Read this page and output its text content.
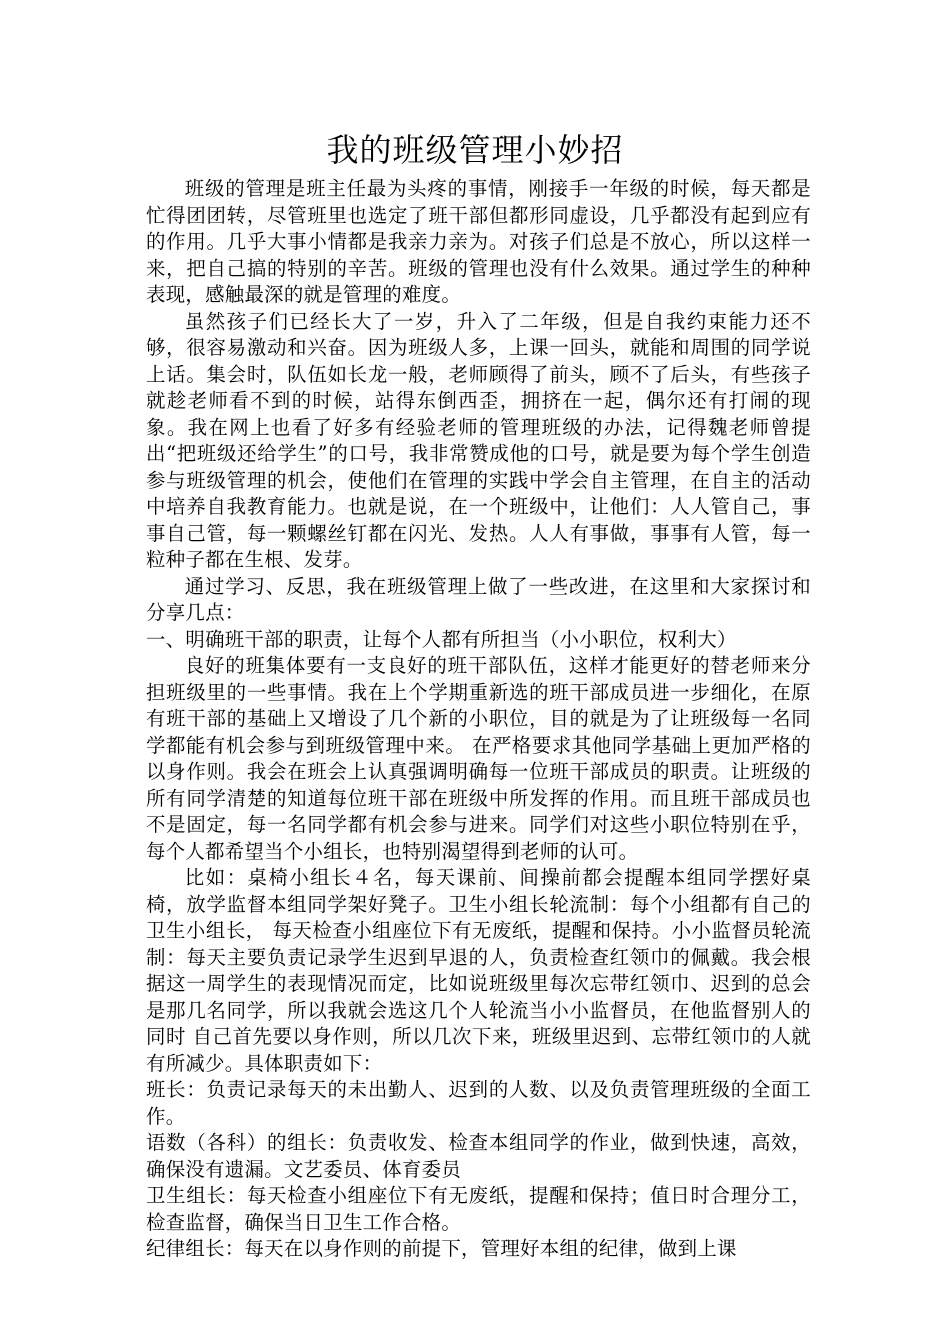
我的班级管理小妙招

班级的管理是班主任最为头疼的事情，刚接手一年级的时候，每天都是忙得团团转，尽管班里也选定了班干部但都形同虚设，几乎都没有起到应有的作用。几乎大事小情都是我亲力亲为。对孩子们总是不放心，所以这样一来，把自己搞的特别的辛苦。班级的管理也没有什么效果。通过学生的种种表现，感触最深的就是管理的难度。

虽然孩子们已经长大了一岁，升入了二年级，但是自我约束能力还不够，很容易激动和兴奋。因为班级人多，上课一回头，就能和周围的同学说上话。集会时，队伍如长龙一般，老师顾得了前头，顾不了后头，有些孩子就趁老师看不到的时候，站得东倒西歪，拥挤在一起，偶尔还有打闹的现象。我在网上也看了好多有经验老师的管理班级的办法，记得魏老师曾提出“把班级还给学生”的口号，我非常赞成他的口号，就是要为每个学生创造参与班级管理的机会，使他们在管理的实践中学会自主管理，在自主的活动中培养自我教育能力。也就是说，在一个班级中，让他们：人人管自己，事事自己管，每一颗螺丝钉都在闪光、发热。人人有事做，事事有人管，每一粒种子都在生根、发芽。

通过学习、反思，我在班级管理上做了一些改进，在这里和大家探讨和分享几点：

一、明确班干部的职责，让每个人都有所担当（小小职位，权利大）

良好的班集体要有一支良好的班干部队伍，这样才能更好的替老师来分担班级里的一些事情。我在上个学期重新选的班干部成员进一步细化，在原有班干部的基础上又增设了几个新的小职位，目的就是为了让班级每一名同学都能有机会参与到班级管理中来。 在严格要求其他同学基础上更加严格的以身作则。我会在班会上认真强调明确每一位班干部成员的职责。让班级的所有同学清楚的知道每位班干部在班级中所发挥的作用。而且班干部成员也不是固定，每一名同学都有机会参与进来。同学们对这些小职位特别在乎，每个人都希望当个小组长，也特别渴望得到老师的认可。

比如：桌椅小组长４名，每天课前、间操前都会提醒本组同学摆好桌椅，放学监督本组同学架好凳子。卫生小组长轮流制：每个小组都有自己的卫生小组长， 每天检查小组座位下有无废纸，提醒和保持。小小监督员轮流制：每天主要负责记录学生迟到早退的人，负责检查红领巾的佩戴。我会根据这一周学生的表现情况而定，比如说班级里每次忘带红领巾、迟到的总会是那几名同学，所以我就会选这几个人轮流当小小监督员，在他监督别人的同时 自己首先要以身作则，所以几次下来，班级里迟到、忘带红领巾的人就有所减少。具体职责如下：

班长：负责记录每天的未出勤人、迟到的人数、以及负责管理班级的全面工作。

语数（各科）的组长：负责收发、检查本组同学的作业，做到快速，高效，确保没有遗漏。文艺委员、体育委员

卫生组长：每天检查小组座位下有无废纸，提醒和保持；值日时合理分工，检查监督，确保当日卫生工作合格。

纪律组长：每天在以身作则的前提下，管理好本组的纪律，做到上课
